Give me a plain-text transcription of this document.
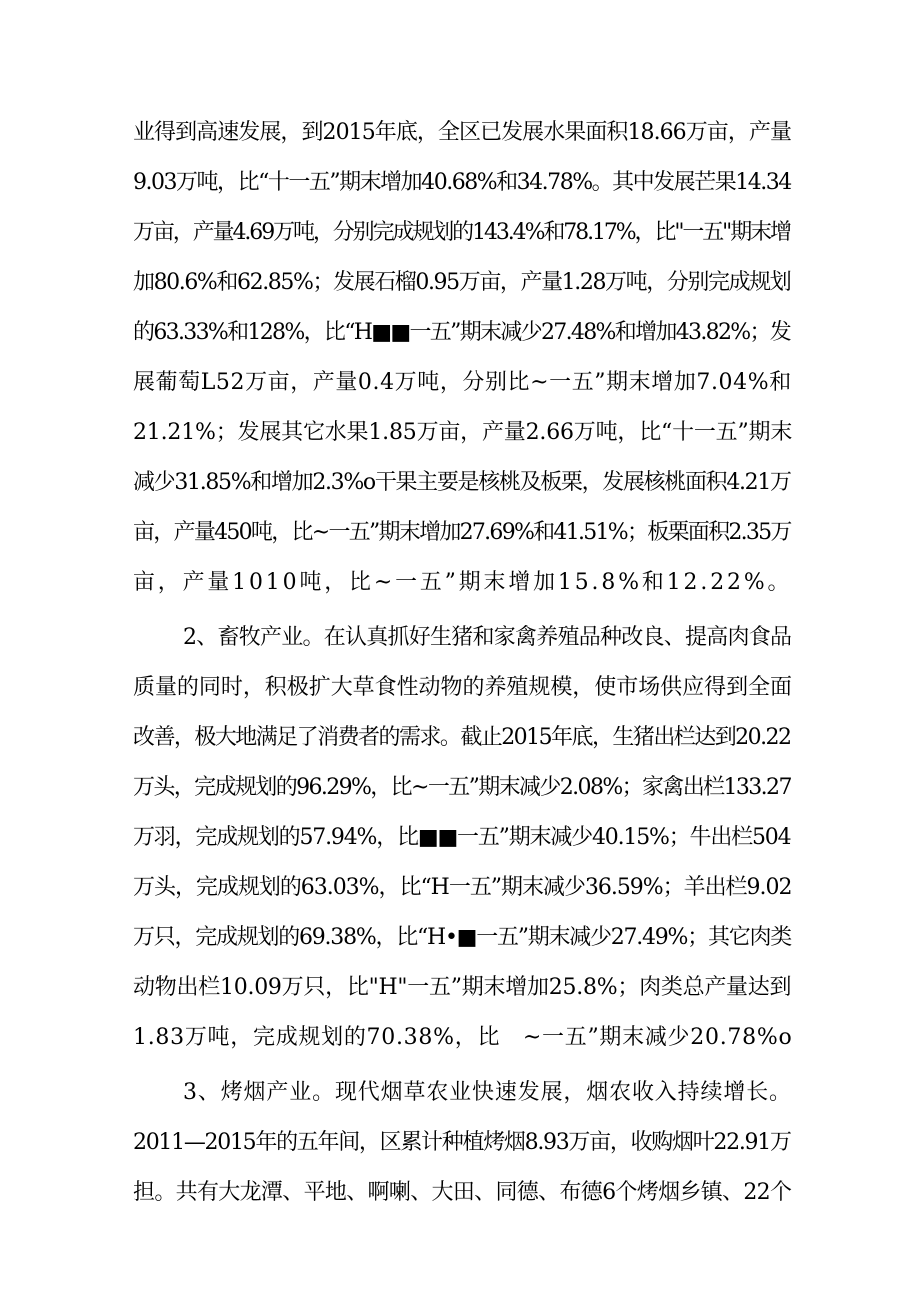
业得到高速发展，到2015年底，全区已发展水果面积18.66万亩，产量
9.03万吨，比“十一五”期末增加40.68%和34.78%。其中发展芒果14.34
万亩，产量4.69万吨，分别完成规划的143.4%和78.17%，比"一五"期末增
加80.6%和62.85%；发展石榴0.95万亩，产量1.28万吨，分别完成规划
的63.33%和128%，比“H■■一五”期末减少27.48%和增加43.82%；发
展葡萄L52万亩，产量0.4万吨，分别比~一五”期末增加7.04%和
21.21%；发展其它水果1.85万亩，产量2.66万吨，比“十一五”期末
减少31.85%和增加2.3%o干果主要是核桃及板栗，发展核桃面积4.21万
亩，产量450吨，比~一五”期末增加27.69%和41.51%；板栗面积2.35万
亩，产量1010吨，比~一五”期末增加15.8%和12.22%。
2、畜牧产业。在认真抓好生猪和家禽养殖品种改良、提高肉食品
质量的同时，积极扩大草食性动物的养殖规模，使市场供应得到全面
改善，极大地满足了消费者的需求。截止2015年底，生猪出栏达到20.22
万头，完成规划的96.29%，比~一五”期末减少2.08%；家禽出栏133.27
万羽，完成规划的57.94%，比■■一五”期末减少40.15%；牛出栏504
万头，完成规划的63.03%，比“H一五”期末减少36.59%；羊出栏9.02
万只，完成规划的69.38%，比“H•■一五”期末减少27.49%；其它肉类
动物出栏10.09万只，比"H"一五”期末增加25.8%；肉类总产量达到
1.83万吨，完成规划的70.38%，比　~一五”期末减少20.78%o
3、烤烟产业。现代烟草农业快速发展，烟农收入持续增长。
2011—2015年的五年间，区累计种植烤烟8.93万亩，收购烟叶22.91万
担。共有大龙潭、平地、啊喇、大田、同德、布德6个烤烟乡镇、22个
